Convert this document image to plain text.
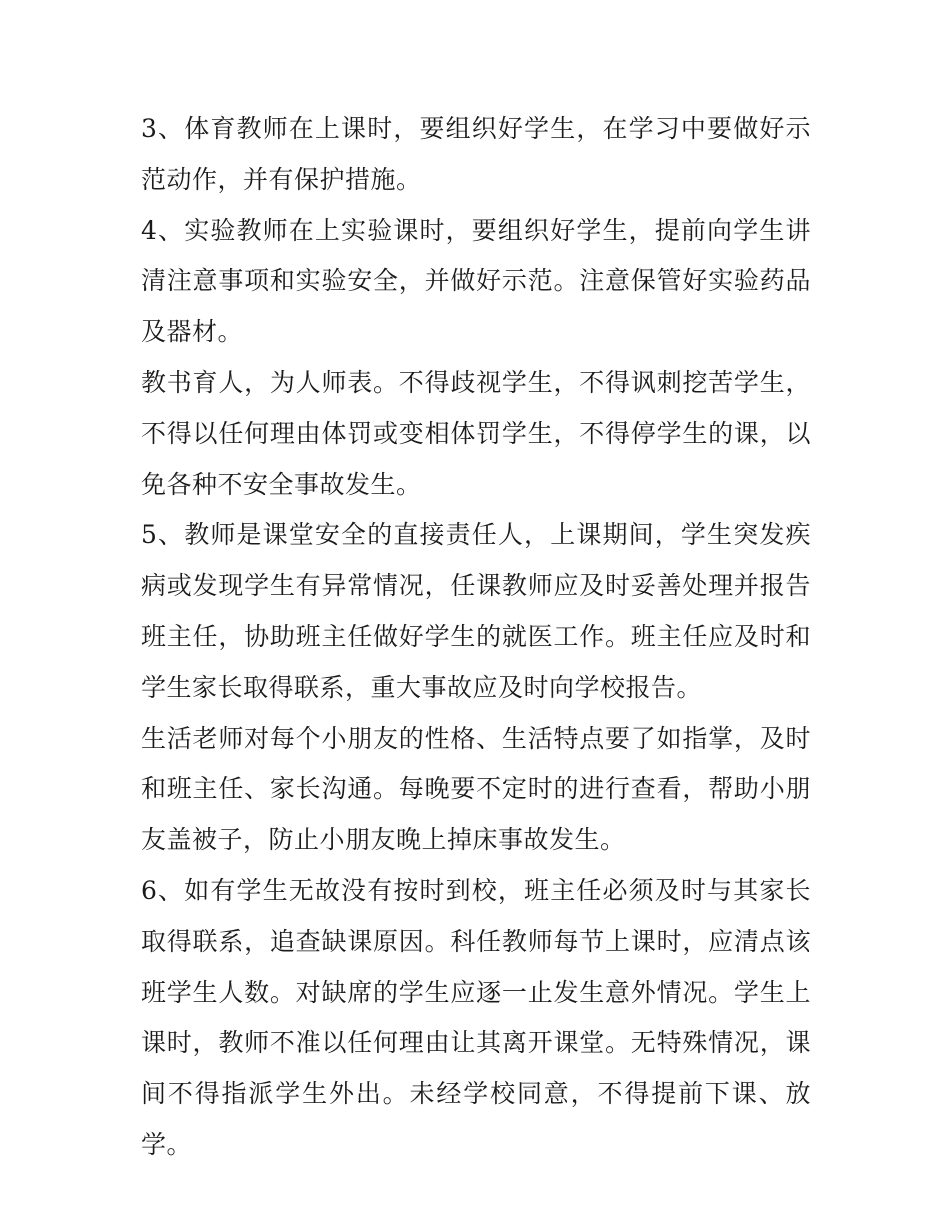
3、体育教师在上课时，要组织好学生，在学习中要做好示范动作，并有保护措施。

4、实验教师在上实验课时，要组织好学生，提前向学生讲清注意事项和实验安全，并做好示范。注意保管好实验药品及器材。

教书育人，为人师表。不得歧视学生，不得讽刺挖苦学生，不得以任何理由体罚或变相体罚学生，不得停学生的课，以免各种不安全事故发生。

5、教师是课堂安全的直接责任人，上课期间，学生突发疾病或发现学生有异常情况，任课教师应及时妥善处理并报告班主任，协助班主任做好学生的就医工作。班主任应及时和学生家长取得联系，重大事故应及时向学校报告。

生活老师对每个小朋友的性格、生活特点要了如指掌，及时和班主任、家长沟通。每晚要不定时的进行查看，帮助小朋友盖被子，防止小朋友晚上掉床事故发生。

6、如有学生无故没有按时到校，班主任必须及时与其家长取得联系，追查缺课原因。科任教师每节上课时，应清点该班学生人数。对缺席的学生应逐一止发生意外情况。学生上课时，教师不准以任何理由让其离开课堂。无特殊情况，课间不得指派学生外出。未经学校同意，不得提前下课、放学。
